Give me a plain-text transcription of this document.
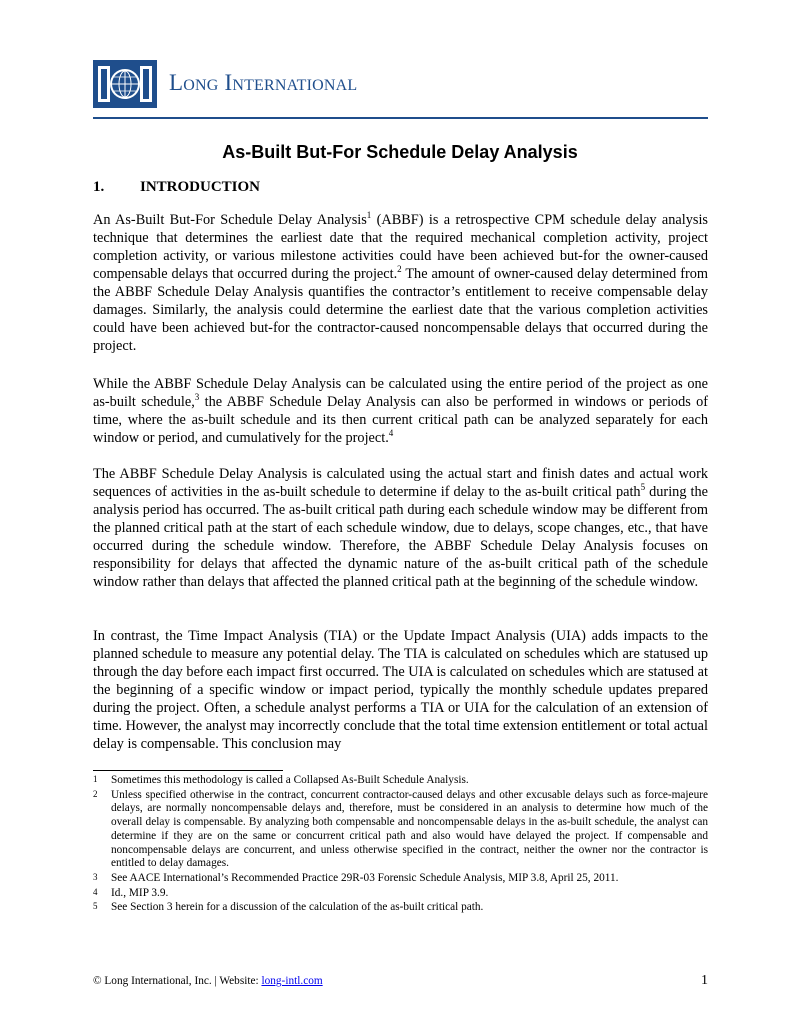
Long International
As-Built But-For Schedule Delay Analysis
1. INTRODUCTION

An As-Built But-For Schedule Delay Analysis$^1$ (ABBF) is a retrospective CPM schedule delay analysis technique that determines the earliest date that the required mechanical completion activity, project completion activity, or various milestone activities could have been achieved but-for the owner-caused compensable delays that occurred during the project.$^2$ The amount of owner-caused delay determined from the ABBF Schedule Delay Analysis quantifies the contractor’s entitlement to receive compensable delay damages. Similarly, the analysis could determine the earliest date that the various completion activities could have been achieved but-for the contractor-caused noncompensable delays that occurred during the project.

While the ABBF Schedule Delay Analysis can be calculated using the entire period of the project as one as-built schedule,$^3$ the ABBF Schedule Delay Analysis can also be performed in windows or periods of time, where the as-built schedule and its then current critical path can be analyzed separately for each window or period, and cumulatively for the project.$^4$

The ABBF Schedule Delay Analysis is calculated using the actual start and finish dates and actual work sequences of activities in the as-built schedule to determine if delay to the as-built critical path$^5$ during the analysis period has occurred. The as-built critical path during each schedule window may be different from the planned critical path at the start of each schedule window, due to delays, scope changes, etc., that have occurred during the schedule window. Therefore, the ABBF Schedule Delay Analysis focuses on responsibility for delays that affected the dynamic nature of the as-built critical path of the schedule window rather than delays that affected the planned critical path at the beginning of the schedule window.

In contrast, the Time Impact Analysis (TIA) or the Update Impact Analysis (UIA) adds impacts to the planned schedule to measure any potential delay. The TIA is calculated on schedules which are statused up through the day before each impact first occurred. The UIA is calculated on schedules which are statused at the beginning of a specific window or impact period, typically the monthly schedule updates prepared during the project. Often, a schedule analyst performs a TIA or UIA for the calculation of an extension of time. However, the analyst may incorrectly conclude that the total time extension entitlement or total actual delay is compensable. This conclusion may

1 Sometimes this methodology is called a Collapsed As-Built Schedule Analysis.
2 Unless specified otherwise in the contract, concurrent contractor-caused delays and other excusable delays such as force-majeure delays, are normally noncompensable delays and, therefore, must be considered in an analysis to determine how much of the overall delay is compensable. By analyzing both compensable and noncompensable delays in the as-built schedule, the analyst can determine if they are on the same or concurrent critical path and also would have delayed the project. If compensable and noncompensable delays are concurrent, and unless otherwise specified in the contract, neither the owner nor the contractor is entitled to delay damages.
3 See AACE International’s Recommended Practice 29R-03 Forensic Schedule Analysis, MIP 3.8, April 25, 2011.
4 Id., MIP 3.9.
5 See Section 3 herein for a discussion of the calculation of the as-built critical path.
© Long International, Inc. | Website: long-intl.com	1
